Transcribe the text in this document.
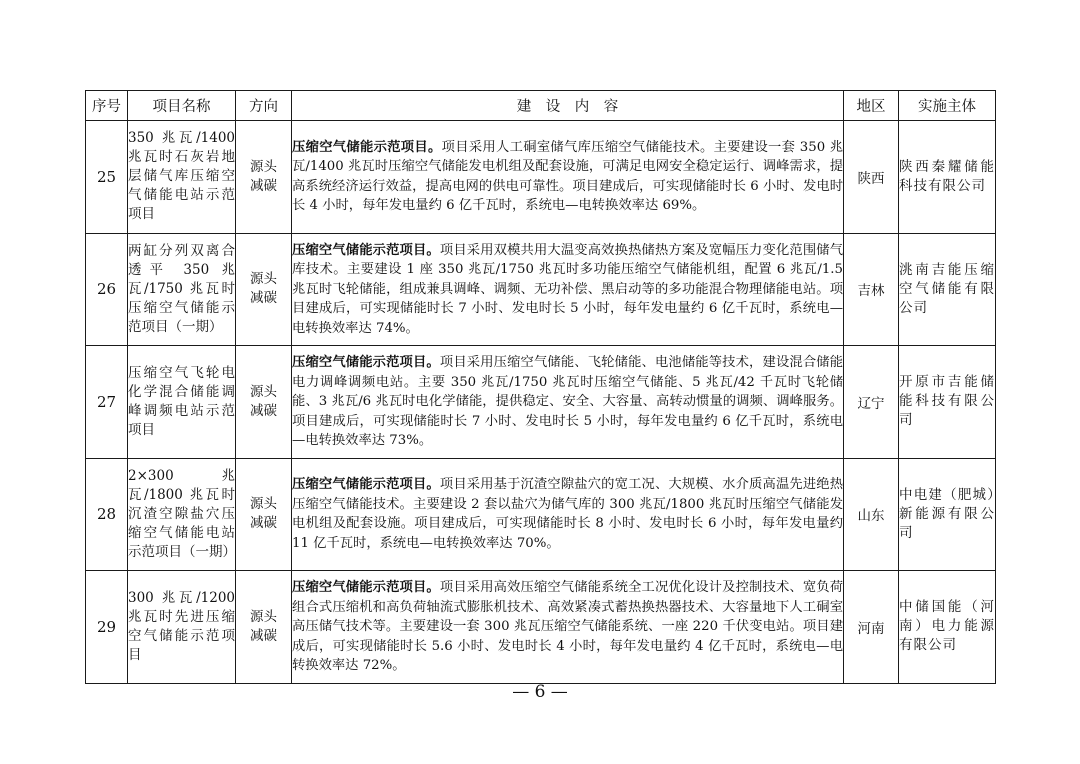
序号	项目名称	方向	建　设　内　容	地区	实施主体
25	350 兆瓦/1400兆瓦时石灰岩地层储气库压缩空气储能电站示范项目	源头减碳	压缩空气储能示范项目。项目采用人工硐室储气库压缩空气储能技术。主要建设一套 350 兆瓦/1400 兆瓦时压缩空气储能发电机组及配套设施，可满足电网安全稳定运行、调峰需求，提高系统经济运行效益，提高电网的供电可靠性。项目建成后，可实现储能时长 6 小时、发电时长 4 小时，每年发电量约 6 亿千瓦时，系统电—电转换效率达 69%。	陕西	陕西秦耀储能科技有限公司
26	两缸分列双离合透平 350 兆瓦/1750 兆瓦时压缩空气储能示范项目（一期）	源头减碳	压缩空气储能示范项目。项目采用双模共用大温变高效换热储热方案及宽幅压力变化范围储气库技术。主要建设 1 座 350 兆瓦/1750 兆瓦时多功能压缩空气储能机组，配置 6 兆瓦/1.5 兆瓦时飞轮储能，组成兼具调峰、调频、无功补偿、黑启动等的多功能混合物理储能电站。项目建成后，可实现储能时长 7 小时、发电时长 5 小时，每年发电量约 6 亿千瓦时，系统电—电转换效率达 74%。	吉林	洮南吉能压缩空气储能有限公司
27	压缩空气飞轮电化学混合储能调峰调频电站示范项目	源头减碳	压缩空气储能示范项目。项目采用压缩空气储能、飞轮储能、电池储能等技术，建设混合储能电力调峰调频电站。主要 350 兆瓦/1750 兆瓦时压缩空气储能、5 兆瓦/42 千瓦时飞轮储能、3 兆瓦/6 兆瓦时电化学储能，提供稳定、安全、大容量、高转动惯量的调频、调峰服务。项目建成后，可实现储能时长 7 小时、发电时长 5 小时，每年发电量约 6 亿千瓦时，系统电—电转换效率达 73%。	辽宁	开原市吉能储能科技有限公司
28	2×300 兆瓦/1800 兆瓦时沉渣空隙盐穴压缩空气储能电站示范项目（一期）	源头减碳	压缩空气储能示范项目。项目采用基于沉渣空隙盐穴的宽工况、大规模、水介质高温先进绝热压缩空气储能技术。主要建设 2 套以盐穴为储气库的 300 兆瓦/1800 兆瓦时压缩空气储能发电机组及配套设施。项目建成后，可实现储能时长 8 小时、发电时长 6 小时，每年发电量约 11 亿千瓦时，系统电—电转换效率达 70%。	山东	中电建（肥城）新能源有限公司
29	300 兆瓦/1200 兆瓦时先进压缩空气储能示范项目	源头减碳	压缩空气储能示范项目。项目采用高效压缩空气储能系统全工况优化设计及控制技术、宽负荷组合式压缩机和高负荷轴流式膨胀机技术、高效紧凑式蓄热换热器技术、大容量地下人工硐室高压储气技术等。主要建设一套 300 兆瓦压缩空气储能系统、一座 220 千伏变电站。项目建成后，可实现储能时长 5.6 小时、发电时长 4 小时，每年发电量约 4 亿千瓦时，系统电—电转换效率达 72%。	河南	中储国能（河南）电力能源有限公司
— 6 —
